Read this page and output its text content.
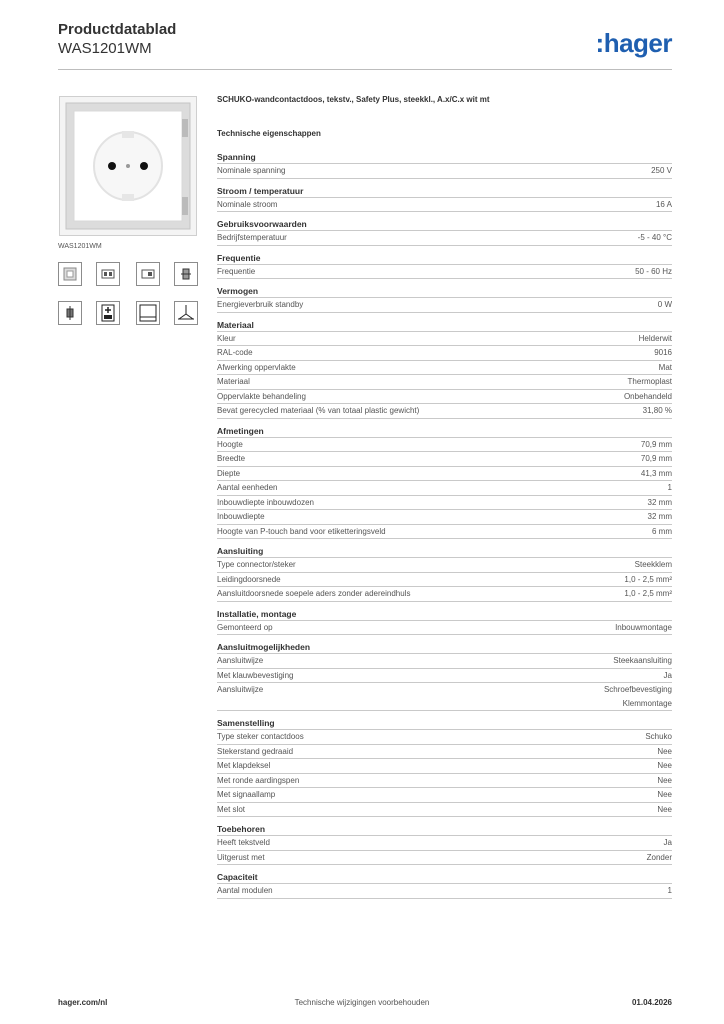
Productdatablad
WAS1201WM	:hager
WAS1201WM
SCHUKO-wandcontactdoos, tekstv., Safety Plus, steekkl., A.x/C.x wit mt
Technische eigenschappen
Spanning
Nominale spanning	250 V
Stroom / temperatuur
Nominale stroom	16 A
Gebruiksvoorwaarden
Bedrijfstemperatuur	-5 - 40 °C
Frequentie
Frequentie	50 - 60 Hz
Vermogen
Energieverbruik standby	0 W
Materiaal
Kleur	Helderwit
RAL-code	9016
Afwerking oppervlakte	Mat
Materiaal	Thermoplast
Oppervlakte behandeling	Onbehandeld
Bevat gerecycled materiaal (% van totaal plastic gewicht)	31,80 %
Afmetingen
Hoogte	70,9 mm
Breedte	70,9 mm
Diepte	41,3 mm
Aantal eenheden	1
Inbouwdiepte inbouwdozen	32 mm
Inbouwdiepte	32 mm
Hoogte van P-touch band voor etiketteringsveld	6 mm
Aansluiting
Type connector/steker	Steekklem
Leidingdoorsnede	1,0 - 2,5 mm²
Aansluitdoorsnede soepele aders zonder adereindhuls	1,0 - 2,5 mm²
Installatie, montage
Gemonteerd op	Inbouwmontage
Aansluitmogelijkheden
Aansluitwijze	Steekaansluiting
Met klauwbevestiging	Ja
Aansluitwijze	Schroefbevestiging
Klemmontage
Samenstelling
Type steker contactdoos	Schuko
Stekerstand gedraaid	Nee
Met klapdeksel	Nee
Met ronde aardingspen	Nee
Met signaallamp	Nee
Met slot	Nee
Toebehoren
Heeft tekstveld	Ja
Uitgerust met	Zonder
Capaciteit
Aantal modulen	1
hager.com/nl	Technische wijzigingen voorbehouden	01.04.2026
